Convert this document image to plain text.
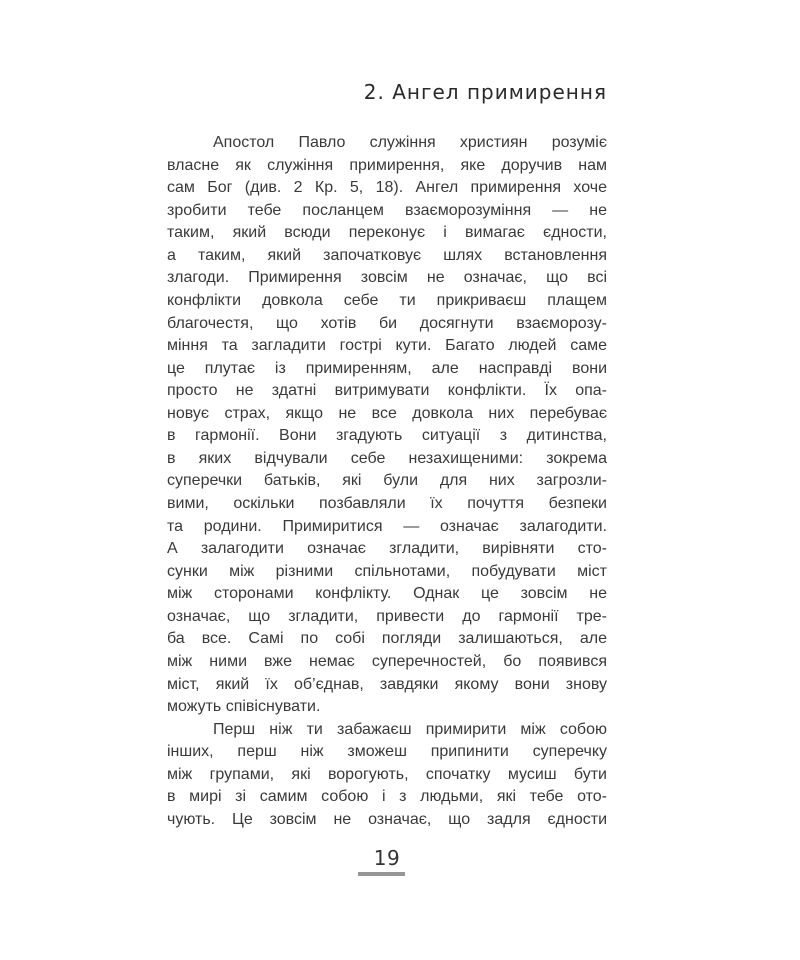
2. Ангел примирення
Апостол Павло служіння християн розуміє
власне як служіння примирення, яке доручив нам
сам Бог (див. 2 Кр. 5, 18). Ангел примирення хоче
зробити тебе посланцем взаєморозуміння — не
таким, який всюди переконує і вимагає єдности,
а таким, який започатковує шлях встановлення
злагоди. Примирення зовсім не означає, що всі
конфлікти довкола себе ти прикриваєш плащем
благочестя, що хотів би досягнути взаєморозу-
міння та загладити гострі кути. Багато людей саме
це плутає із примиренням, але насправді вони
просто не здатні витримувати конфлікти. Їх опа-
новує страх, якщо не все довкола них перебуває
в гармонії. Вони згадують ситуації з дитинства,
в яких відчували себе незахищеними: зокрема
суперечки батьків, які були для них загрозли-
вими, оскільки позбавляли їх почуття безпеки
та родини. Примиритися — означає залагодити.
А залагодити означає згладити, вирівняти сто-
сунки між різними спільнотами, побудувати міст
між сторонами конфлікту. Однак це зовсім не
означає, що згладити, привести до гармонії тре-
ба все. Самі по собі погляди залишаються, але
між ними вже немає суперечностей, бо появився
міст, який їх об’єднав, завдяки якому вони знову
можуть співіснувати.
Перш ніж ти забажаєш примирити між собою
інших, перш ніж зможеш припинити суперечку
між групами, які ворогують, спочатку мусиш бути
в мирі зі самим собою і з людьми, які тебе ото-
чують. Це зовсім не означає, що задля єдности
19
